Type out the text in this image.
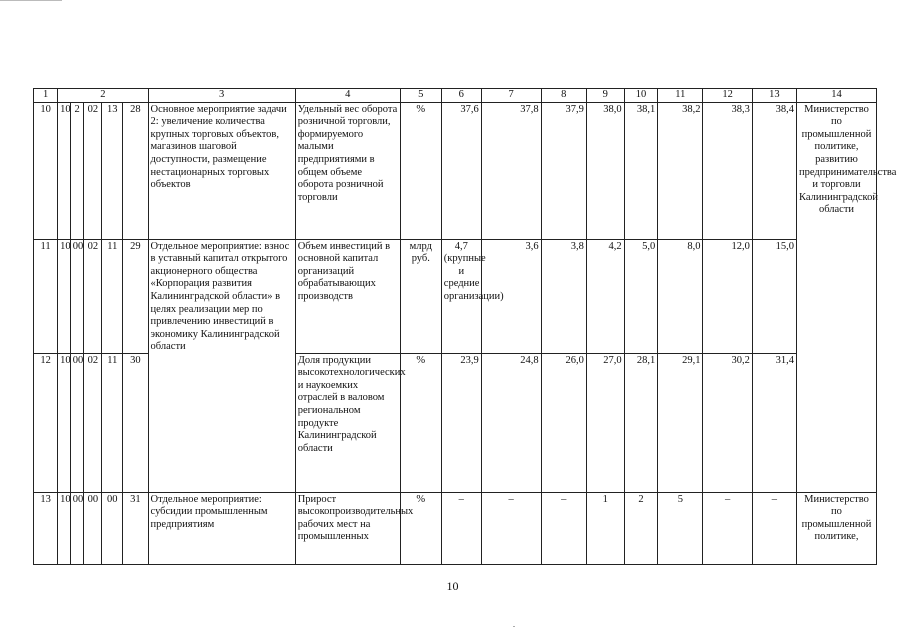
1	2					3	4	5	6	7	8	9	10	11	12	13	14
10	10	2	02	13	28	Основное мероприятие задачи 2: увеличение количества крупных торговых объектов, магазинов шаговой доступности, размещение нестационарных торговых объектов	Удельный вес оборота розничной торговли, формируемого малыми предприятиями в общем объеме оборота розничной торговли	%	37,6	37,8	37,9	38,0	38,1	38,2	38,3	38,4	Министерство по промышленной политике, развитию предпринимательства и торговли Калининградской области
11	10	00	02	11	29	Отдельное мероприятие: взнос в уставный капитал открытого акционерного общества «Корпорация развития Калининградской области» в целях реализации мер по привлечению инвестиций в экономику Калининградской области	Объем инвестиций в основной капитал организаций обрабатывающих производств	млрд руб.	4,7 (крупные и средние организации)	3,6	3,8	4,2	5,0	8,0	12,0	15,0	
12	10	00	02	11	30		Доля продукции высокотехнологических и наукоемких отраслей в валовом региональном продукте Калининградской области	%	23,9	24,8	26,0	27,0	28,1	29,1	30,2	31,4	
13	10	00	00	00	31	Отдельное мероприятие: субсидии промышленным предприятиям	Прирост высокопроизводительных рабочих мест на промышленных	%	–	–	–	1	2	5	–	–	Министерство по промышленной политике,
10
